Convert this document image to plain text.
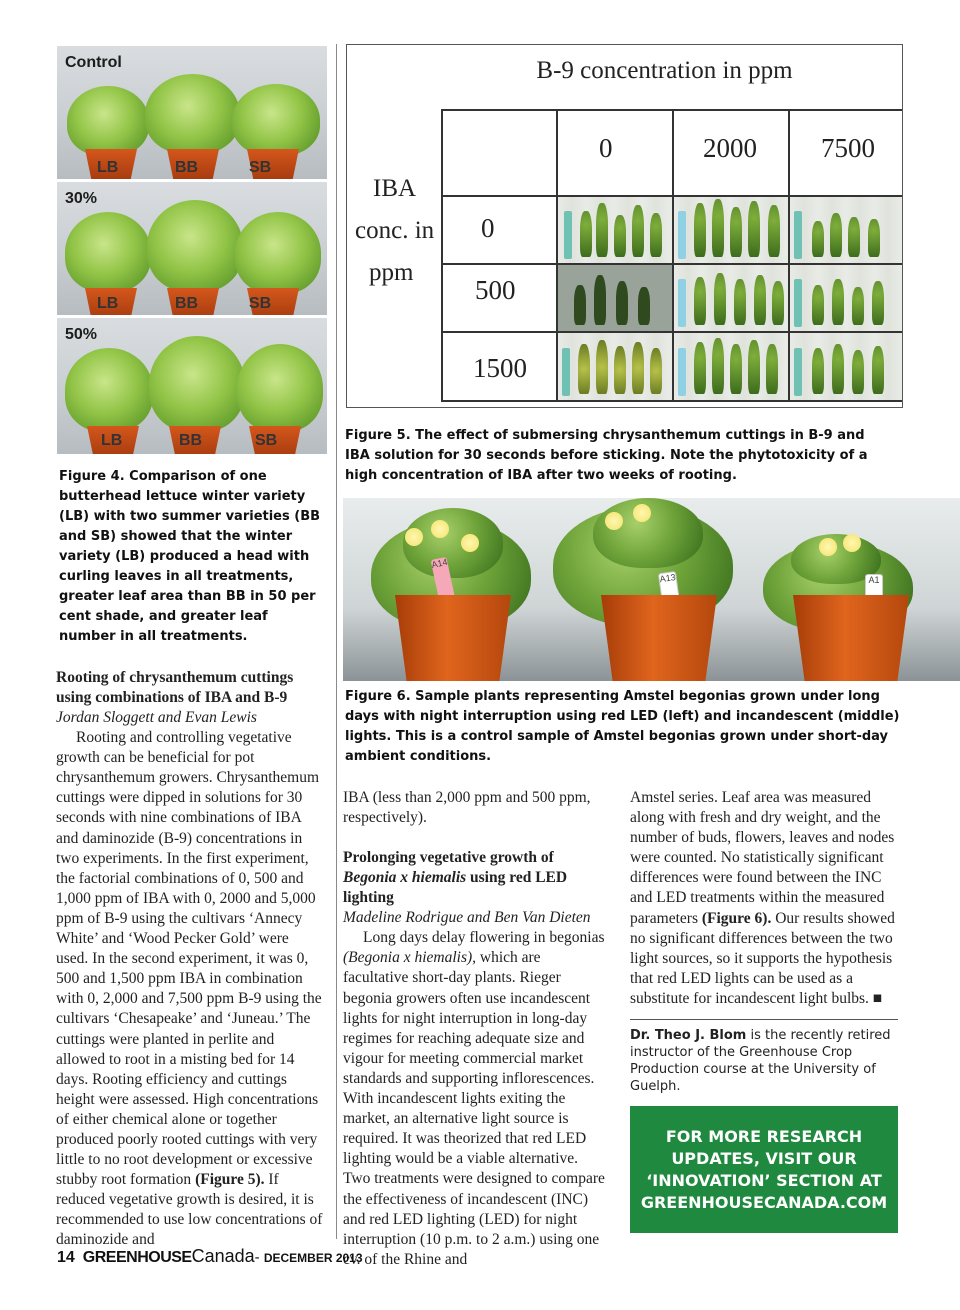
Control
LB	BB	SB
30%
LB	BB	SB
50%
LB	BB	SB
Figure 4. Comparison of one butterhead lettuce winter variety (LB) with two summer varieties (BB and SB) showed that the winter variety (LB) produced a head with curling leaves in all treatments, greater leaf area than BB in 50 per cent shade, and greater leaf number in all treatments.
B-9 concentration in ppm
IBA
conc. in
ppm
0	2000 7500
0
500
1500
Figure 5. The effect of submersing chrysanthemum cuttings in B-9 and IBA solution for 30 seconds before sticking. Note the phytotoxicity of a high concentration of IBA after two weeks of rooting.
A14
A13	A1
Figure 6. Sample plants representing Amstel begonias grown under long days with night interruption using red LED (left) and incandescent (middle) lights. This is a control sample of Amstel begonias grown under short-day ambient conditions.
Rooting of chrysanthemum cuttings
using combinations of IBA and B-9
Jordan Sloggett and Evan Lewis

Rooting and controlling vegetative growth can be beneficial for pot chrysanthemum growers. Chrysanthemum cuttings were dipped in solutions for 30 seconds with nine combinations of IBA and daminozide (B-9) concentrations in two experiments. In the first experiment, the factorial combinations of 0, 500 and 1,000 ppm of IBA with 0, 2000 and 5,000 ppm of B-9 using the cultivars ‘Annecy White’ and ‘Wood Pecker Gold’ were used. In the second experiment, it was 0, 500 and 1,500 ppm IBA in combination with 0, 2,000 and 7,500 ppm B-9 using the cultivars ‘Chesapeake’ and ‘Juneau.’ The cuttings were planted in perlite and allowed to root in a misting bed for 14 days. Rooting efficiency and cuttings height were assessed. High concentrations of either chemical alone or together produced poorly rooted cuttings with very little to no root development or excessive stubby root formation (Figure 5). If reduced vegetative growth is desired, it is recommended to use low concentrations of daminozide and

IBA (less than 2,000 ppm and 500 ppm, respectively).

Prolonging vegetative growth of Begonia x hiemalis using red LED lighting
Madeline Rodrigue and Ben Van Dieten

Long days delay flowering in begonias (Begonia x hiemalis), which are facultative short-day plants. Rieger begonia growers often use incandescent lights for night interruption in long-day regimes for reaching adequate size and vigour for meeting commercial market standards and supporting inflorescences. With incandescent lights exiting the market, an alternative light source is required. It was theorized that red LED lighting would be a viable alternative. Two treatments were designed to compare the effectiveness of incandescent (INC) and red LED lighting (LED) for night interruption (10 p.m. to 2 a.m.) using one cv. of the Rhine and

Amstel series. Leaf area was measured along with fresh and dry weight, and the number of buds, flowers, leaves and nodes were counted. No statistically significant differences were found between the INC and LED treatments within the measured parameters (Figure 6). Our results showed no significant differences between the two light sources, so it supports the hypothesis that red LED lights can be used as a substitute for incandescent light bulbs. ■

Dr. Theo J. Blom is the recently retired instructor of the Greenhouse Crop Production course at the University of Guelph.
FOR MORE RESEARCH
UPDATES, VISIT OUR
‘INNOVATION’ SECTION AT
GREENHOUSECANADA.COM
14 GREENHOUSECanada- DECEMBER 2013
